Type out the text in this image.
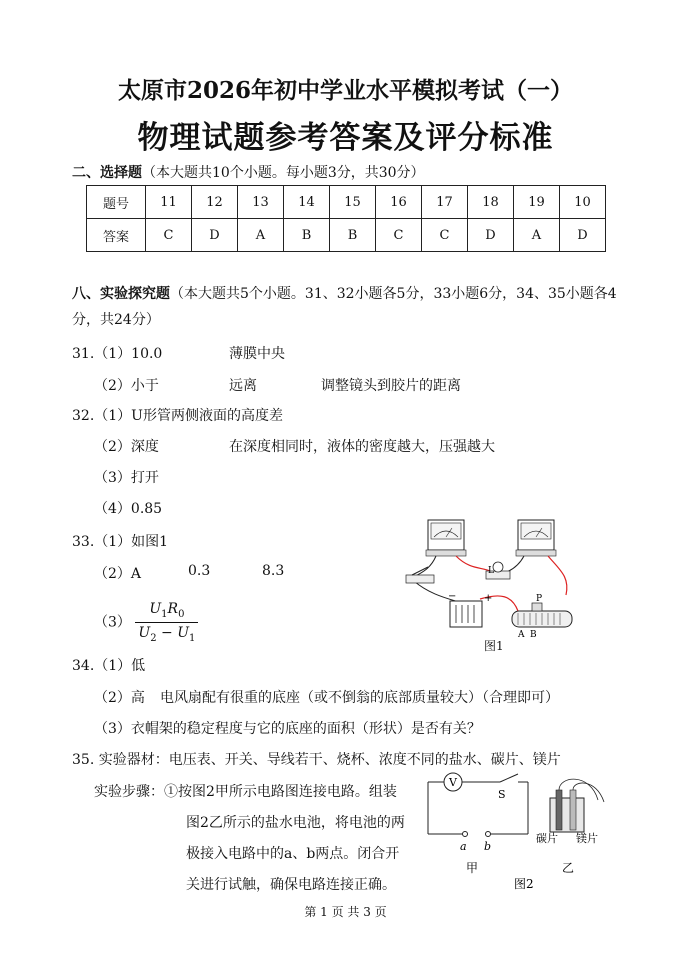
太原市2026年初中学业水平模拟考试（一）
物理试题参考答案及评分标准
二、选择题（本大题共10个小题。每小题3分，共30分）
题号	11	12	13	14	15	16	17	18	19	10
答案	C	D	A	B	B	C	C	D	A	D
八、实验探究题（本大题共5个小题。31、32小题各5分，33小题6分，34、35小题各4
分，共24分）
31.（1）10.0	薄膜中央
（2）小于	远离	调整镜头到胶片的距离
32.（1）U形管两侧液面的高度差
（2）深度	在深度相同时，液体的密度越大，压强越大
（3）打开
（4）0.85
33.（1）如图1
（2）A	0.3	8.3
$(3) \frac{U_1R_0}{U_2 - U_1}$
L
−	+	P
A B
图1
34.（1）低
（2）高 电风扇配有很重的底座（或不倒翁的底部质量较大）（合理即可）
（3）衣帽架的稳定程度与它的底座的面积（形状）是否有关？
35. 实验器材：电压表、开关、导线若干、烧杯、浓度不同的盐水、碳片、镁片
实验步骤：①按图2甲所示电路图连接电路。组装
图2乙所示的盐水电池，将电池的两
极接入电路中的a、b两点。闭合开
关进行试触，确保电路连接正确。
V
S
a b
甲
碳片 镁片
乙
图2
第 1 页 共 3 页
